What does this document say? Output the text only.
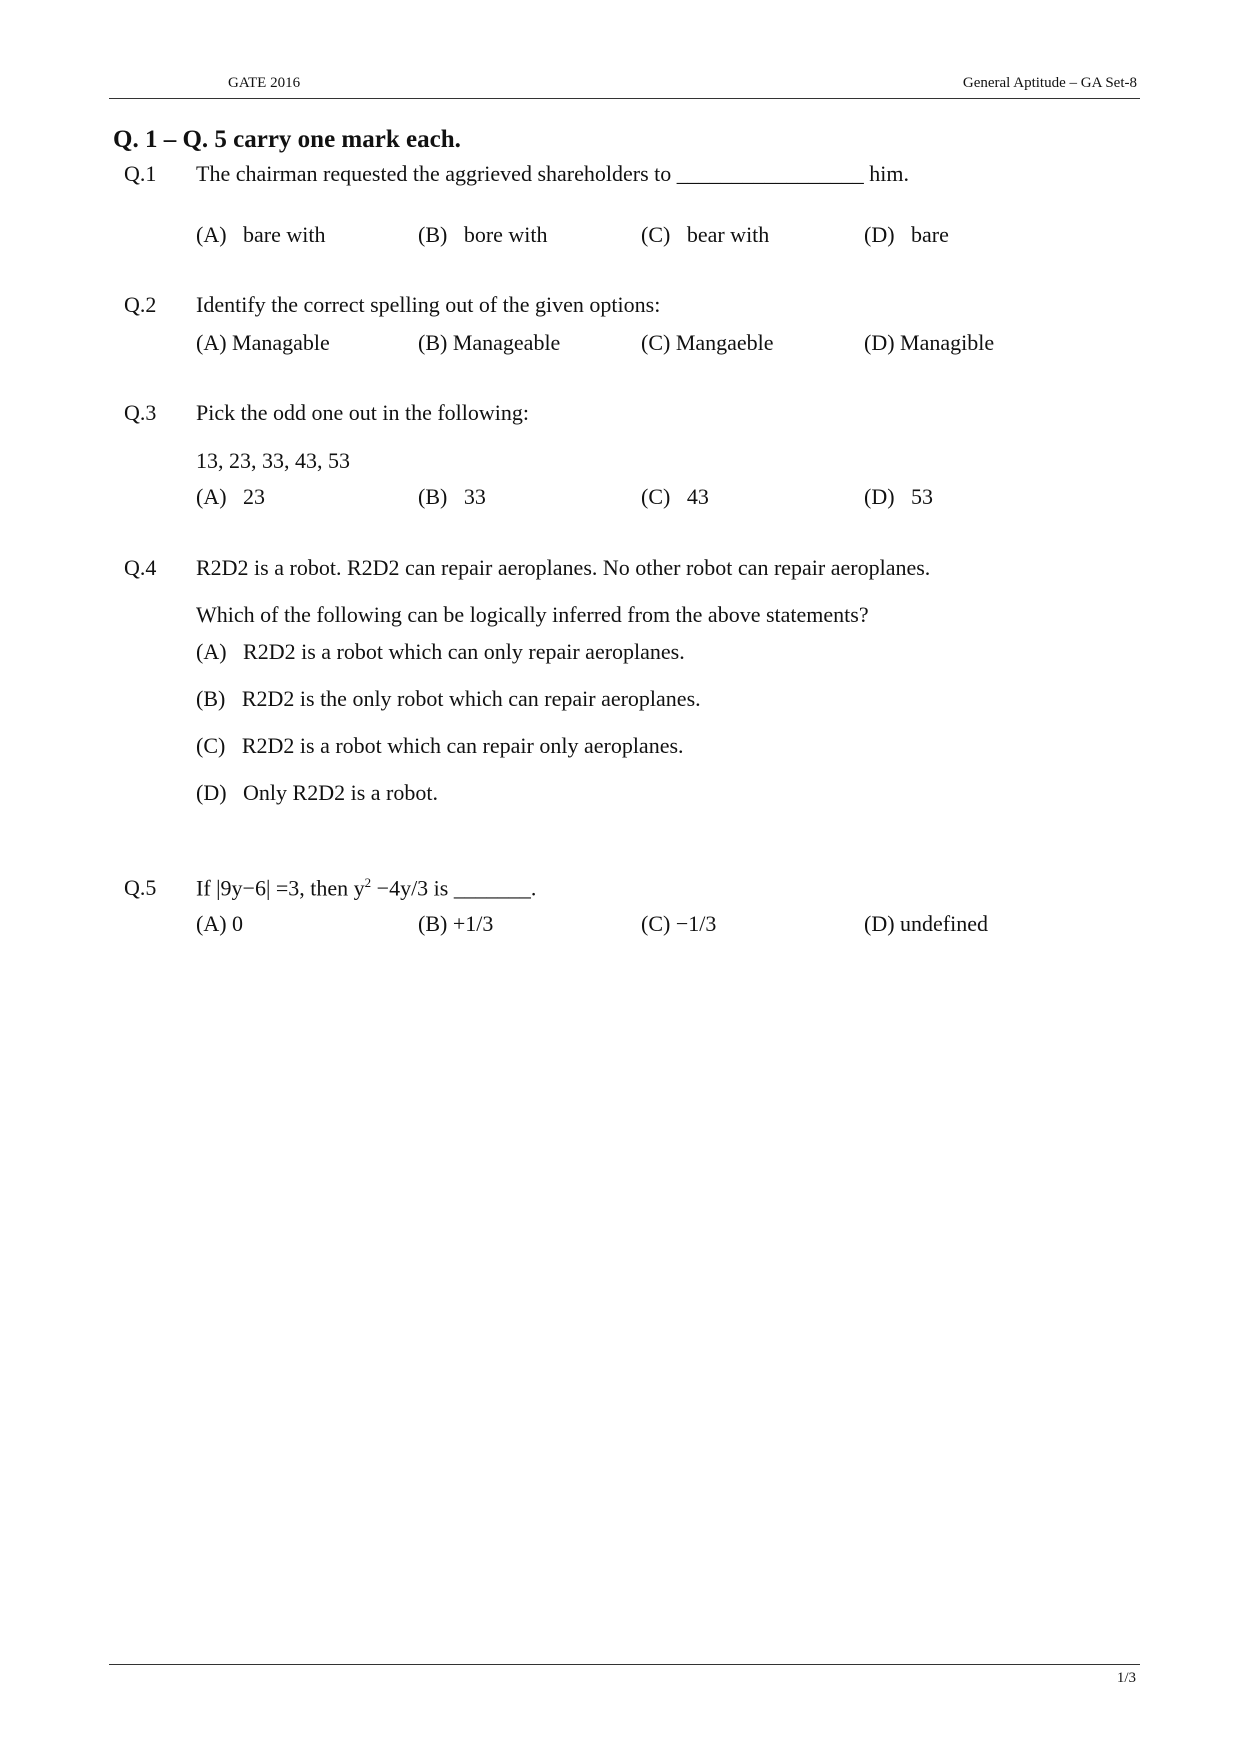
GATE 2016	General Aptitude – GA Set-8
Q. 1 – Q. 5 carry one mark each.
Q.1 The chairman requested the aggrieved shareholders to _________________ him.
(A) bare with	(B) bore with	(C) bear with	(D) bare
Q.2 Identify the correct spelling out of the given options:
(A) Managable	(B) Manageable	(C) Mangaeble	(D) Managible
Q.3 Pick the odd one out in the following:
13, 23, 33, 43, 53
(A) 23	(B) 33	(C) 43	(D) 53
Q.4 R2D2 is a robot. R2D2 can repair aeroplanes. No other robot can repair aeroplanes.
Which of the following can be logically inferred from the above statements?
(A) R2D2 is a robot which can only repair aeroplanes.
(B) R2D2 is the only robot which can repair aeroplanes.
(C) R2D2 is a robot which can repair only aeroplanes.
(D) Only R2D2 is a robot.
Q.5 If |9y−6| =3, then $y^2 -4y/3$ is _______.
(A) 0	(B) +1/3	(C) −1/3	(D) undefined
1/3
